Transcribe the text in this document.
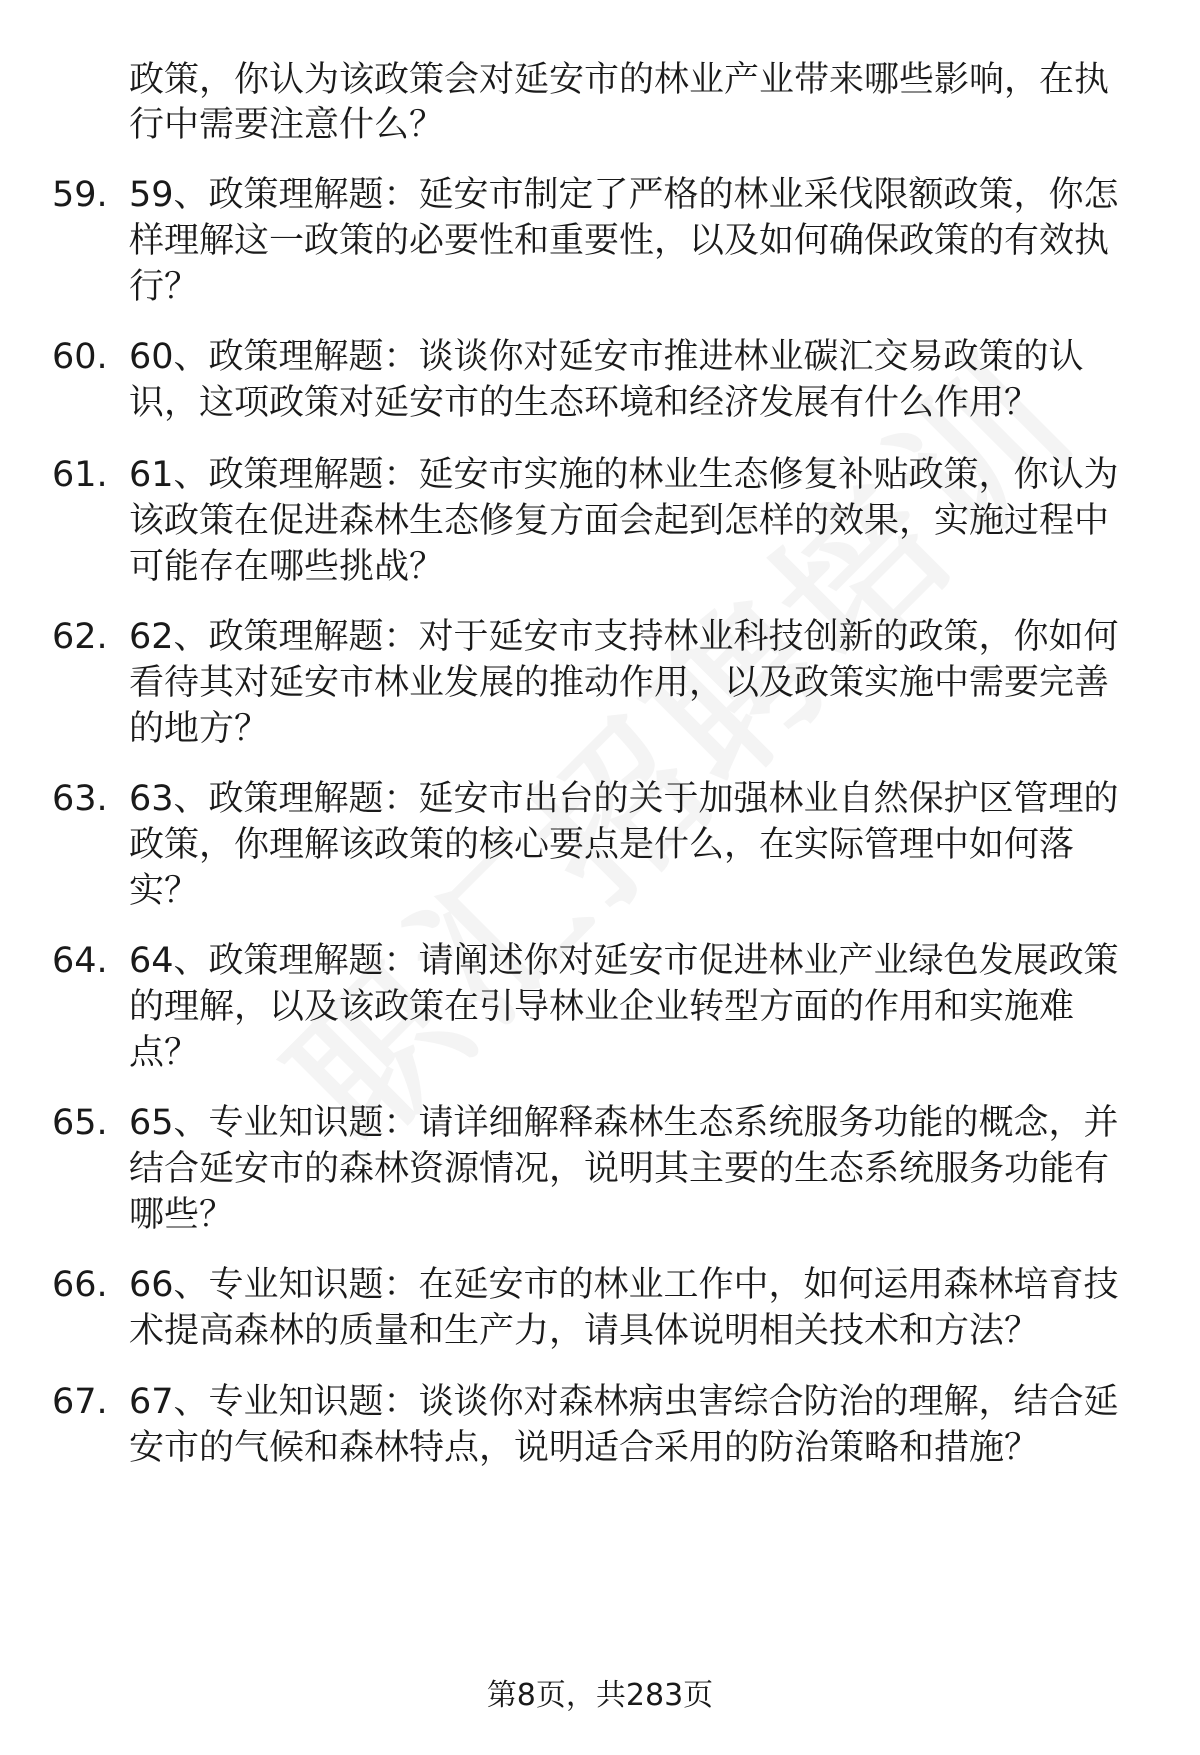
政策，你认为该政策会对延安市的林业产业带来哪些影响，在执
行中需要注意什么？
59. 59、政策理解题：延安市制定了严格的林业采伐限额政策，你怎
样理解这一政策的必要性和重要性，以及如何确保政策的有效执
行？
60. 60、政策理解题：谈谈你对延安市推进林业碳汇交易政策的认
识，这项政策对延安市的生态环境和经济发展有什么作用？
61. 61、政策理解题：延安市实施的林业生态修复补贴政策，你认为
该政策在促进森林生态修复方面会起到怎样的效果，实施过程中
可能存在哪些挑战？
62. 62、政策理解题：对于延安市支持林业科技创新的政策，你如何
看待其对延安市林业发展的推动作用，以及政策实施中需要完善
的地方？
63. 63、政策理解题：延安市出台的关于加强林业自然保护区管理的
政策，你理解该政策的核心要点是什么，在实际管理中如何落
实？
64. 64、政策理解题：请阐述你对延安市促进林业产业绿色发展政策
的理解，以及该政策在引导林业企业转型方面的作用和实施难
点？
65. 65、专业知识题：请详细解释森林生态系统服务功能的概念，并
结合延安市的森林资源情况，说明其主要的生态系统服务功能有
哪些？
66. 66、专业知识题：在延安市的林业工作中，如何运用森林培育技
术提高森林的质量和生产力，请具体说明相关技术和方法？
67. 67、专业知识题：谈谈你对森林病虫害综合防治的理解，结合延
安市的气候和森林特点，说明适合采用的防治策略和措施？
第8页，共283页
